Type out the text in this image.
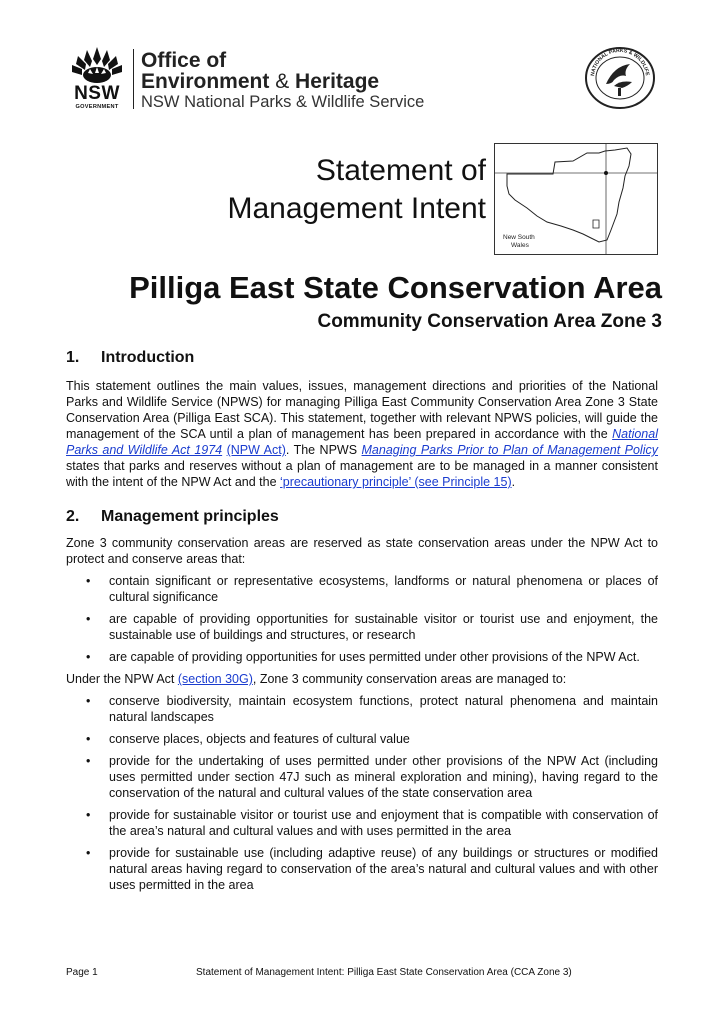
NSW
GOVERNMENT
Office of
Environment & Heritage
NSW National Parks & Wildlife Service
NATIONAL PARKS & WILDLIFE
Statement of
Management Intent
New South
Wales
Pilliga East State Conservation Area
Community Conservation Area Zone 3
1.	Introduction

This statement outlines the main values, issues, management directions and priorities of the National Parks and Wildlife Service (NPWS) for managing Pilliga East Community Conservation Area Zone 3 State Conservation Area (Pilliga East SCA). This statement, together with relevant NPWS policies, will guide the management of the SCA until a plan of management has been prepared in accordance with the National Parks and Wildlife Act 1974 (NPW Act). The NPWS Managing Parks Prior to Plan of Management Policy states that parks and reserves without a plan of management are to be managed in a manner consistent with the intent of the NPW Act and the ‘precautionary principle’ (see Principle 15).

2.	Management principles

Zone 3 community conservation areas are reserved as state conservation areas under the NPW Act to protect and conserve areas that:

• contain significant or representative ecosystems, landforms or natural phenomena or places of cultural significance
• are capable of providing opportunities for sustainable visitor or tourist use and enjoyment, the sustainable use of buildings and structures, or research
• are capable of providing opportunities for uses permitted under other provisions of the NPW Act.

Under the NPW Act (section 30G), Zone 3 community conservation areas are managed to:

• conserve biodiversity, maintain ecosystem functions, protect natural phenomena and maintain natural landscapes
• conserve places, objects and features of cultural value
• provide for the undertaking of uses permitted under other provisions of the NPW Act (including uses permitted under section 47J such as mineral exploration and mining), having regard to the conservation of the natural and cultural values of the state conservation area
• provide for sustainable visitor or tourist use and enjoyment that is compatible with conservation of the area’s natural and cultural values and with uses permitted in the area
• provide for sustainable use (including adaptive reuse) of any buildings or structures or modified natural areas having regard to conservation of the area’s natural and cultural values and with other uses permitted in the area
Page 1	Statement of Management Intent: Pilliga East State Conservation Area (CCA Zone 3)
